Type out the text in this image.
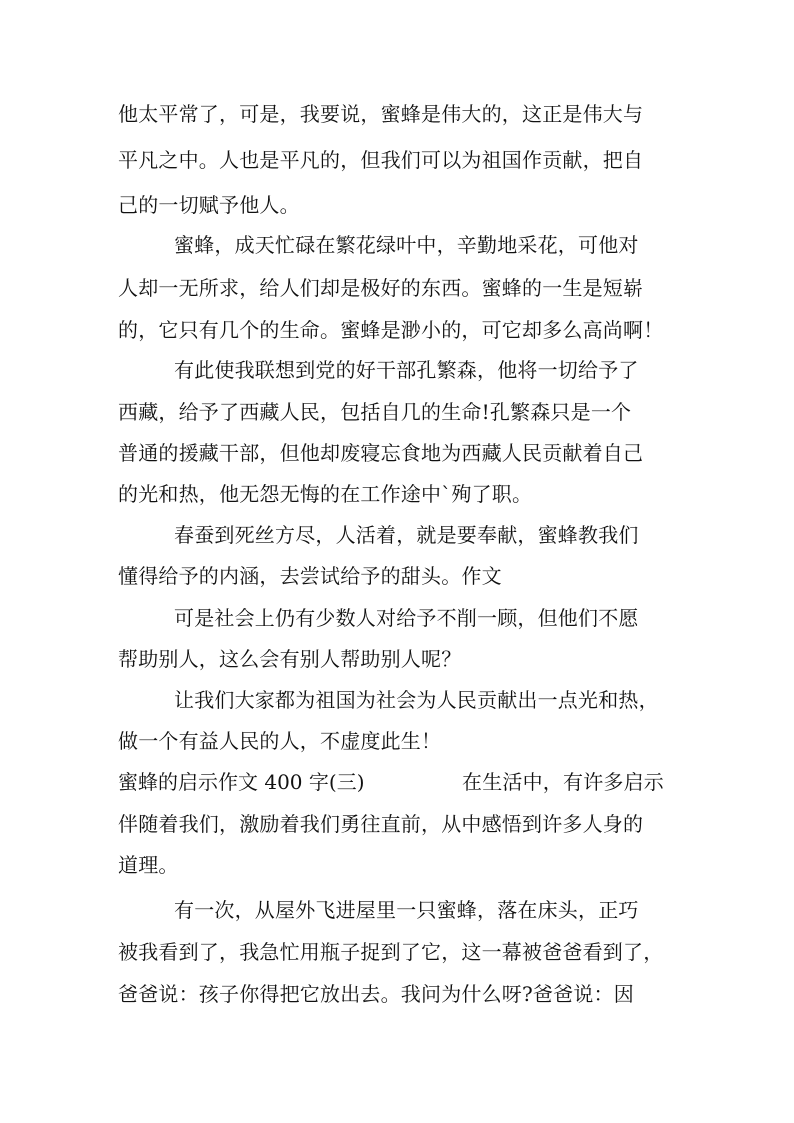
他太平常了，可是，我要说，蜜蜂是伟大的，这正是伟大与
平凡之中。人也是平凡的，但我们可以为祖国作贡献，把自
己的一切赋予他人。
蜜蜂，成天忙碌在繁花绿叶中，辛勤地采花，可他对
人却一无所求，给人们却是极好的东西。蜜蜂的一生是短崭
的，它只有几个的生命。蜜蜂是渺小的，可它却多么高尚啊！
有此使我联想到党的好干部孔繁森，他将一切给予了
西藏，给予了西藏人民，包括自几的生命!孔繁森只是一个
普通的援藏干部，但他却废寝忘食地为西藏人民贡献着自己
的光和热，他无怨无悔的在工作途中`殉了职。
春蚕到死丝方尽，人活着，就是要奉献，蜜蜂教我们
懂得给予的内涵，去尝试给予的甜头。作文
可是社会上仍有少数人对给予不削一顾，但他们不愿
帮助别人，这么会有别人帮助别人呢？
让我们大家都为祖国为社会为人民贡献出一点光和热，
做一个有益人民的人，不虚度此生！
蜜蜂的启示作文 400 字(三)	在生活中，有许多启示
伴随着我们，激励着我们勇往直前，从中感悟到许多人身的
道理。
有一次，从屋外飞进屋里一只蜜蜂，落在床头，正巧
被我看到了，我急忙用瓶子捉到了它，这一幕被爸爸看到了，
爸爸说：孩子你得把它放出去。我问为什么呀?爸爸说：因
